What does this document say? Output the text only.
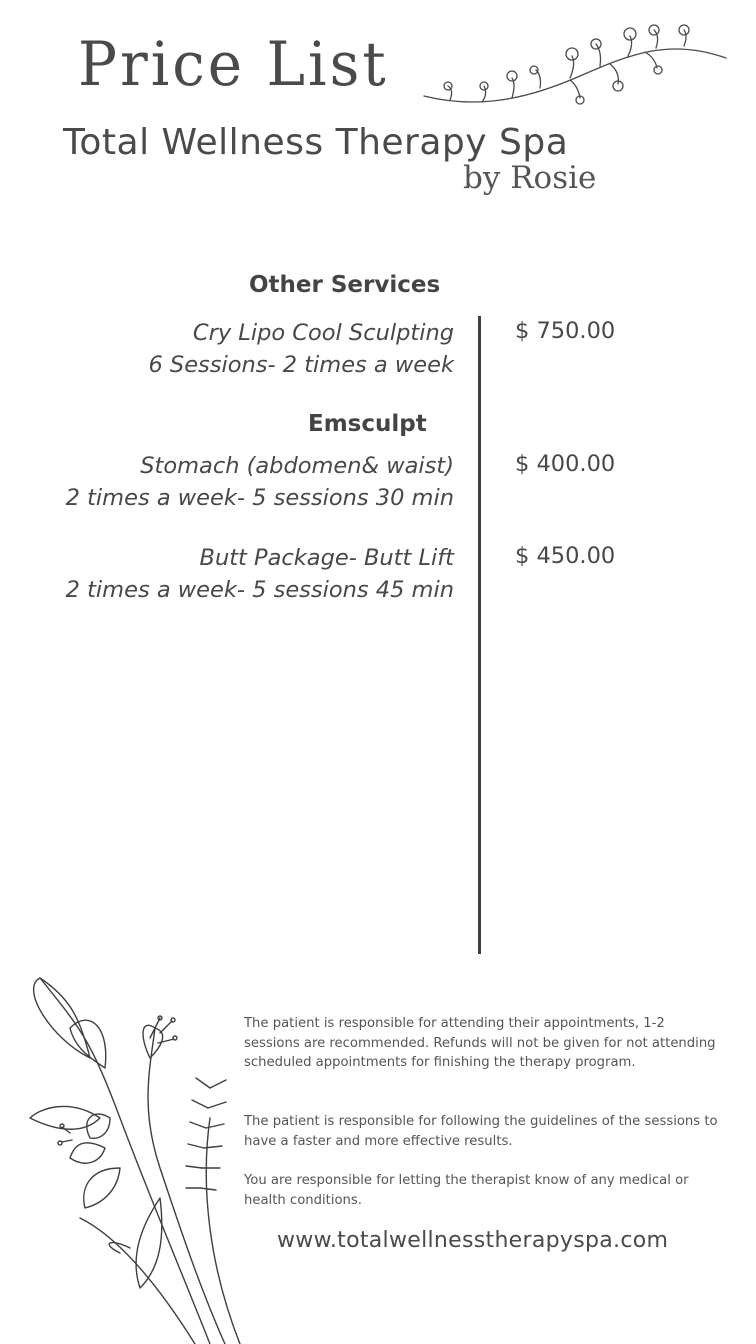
Price List
Total Wellness Therapy Spa
by Rosie
Other Services
Emsculpt
Cry Lipo Cool Sculpting
6 Sessions- 2 times a week
$ 750.00
Stomach (abdomen& waist)
2 times a week- 5 sessions 30 min
$ 400.00
Butt Package- Butt Lift
2 times a week- 5 sessions 45 min
$ 450.00
The patient is responsible for attending their appointments, 1-2 sessions are recommended. Refunds will not be given for not attending scheduled appointments for finishing the therapy program.
The patient is responsible for following the guidelines of the sessions to have a faster and more effective results.
You are responsible for letting the therapist know of any medical or health conditions.
www.totalwellnesstherapyspa.com
